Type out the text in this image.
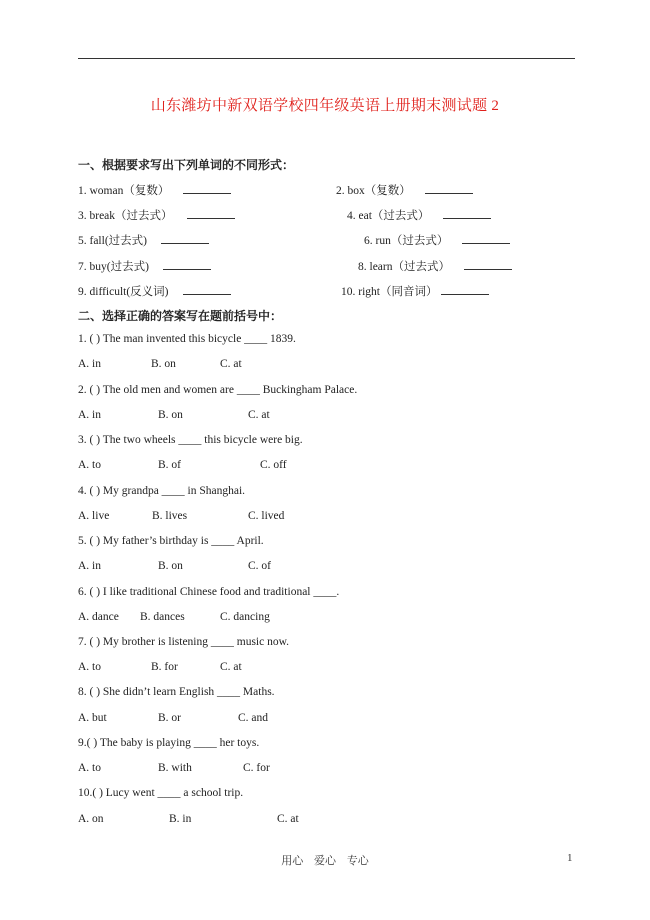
山东潍坊中新双语学校四年级英语上册期末测试题 2
一、根据要求写出下列单词的不同形式：
1. woman（复数）	2. box（复数）
3. break（过去式）	4. eat（过去式）
5. fall(过去式)	6. run（过去式）
7. buy(过去式)	8. learn（过去式）
9. difficult(反义词)	10. right（同音词）
二、选择正确的答案写在题前括号中：
1. ( ) The man invented this bicycle ____ 1839.
A. in	B. on	C. at
2. ( ) The old men and women are ____ Buckingham Palace.
A. in	B. on	C. at
3. ( ) The two wheels ____ this bicycle were big.
A. to	B. of	C. off
4. ( ) My grandpa ____ in Shanghai.
A. live	B. lives	C. lived
5. ( ) My father’s birthday is ____ April.
A. in	B. on	C. of
6. ( ) I like traditional Chinese food and traditional ____.
A. dance B. dances	C. dancing
7. ( ) My brother is listening ____ music now.
A. to	B. for	C. at
8. ( ) She didn’t learn English ____ Maths.
A. but	B. or	C. and
9.( ) The baby is playing ____ her toys.
A. to	B. with	C. for
10.( ) Lucy went ____ a school trip.
A. on	B. in	C. at
用心 爱心 专心	1
